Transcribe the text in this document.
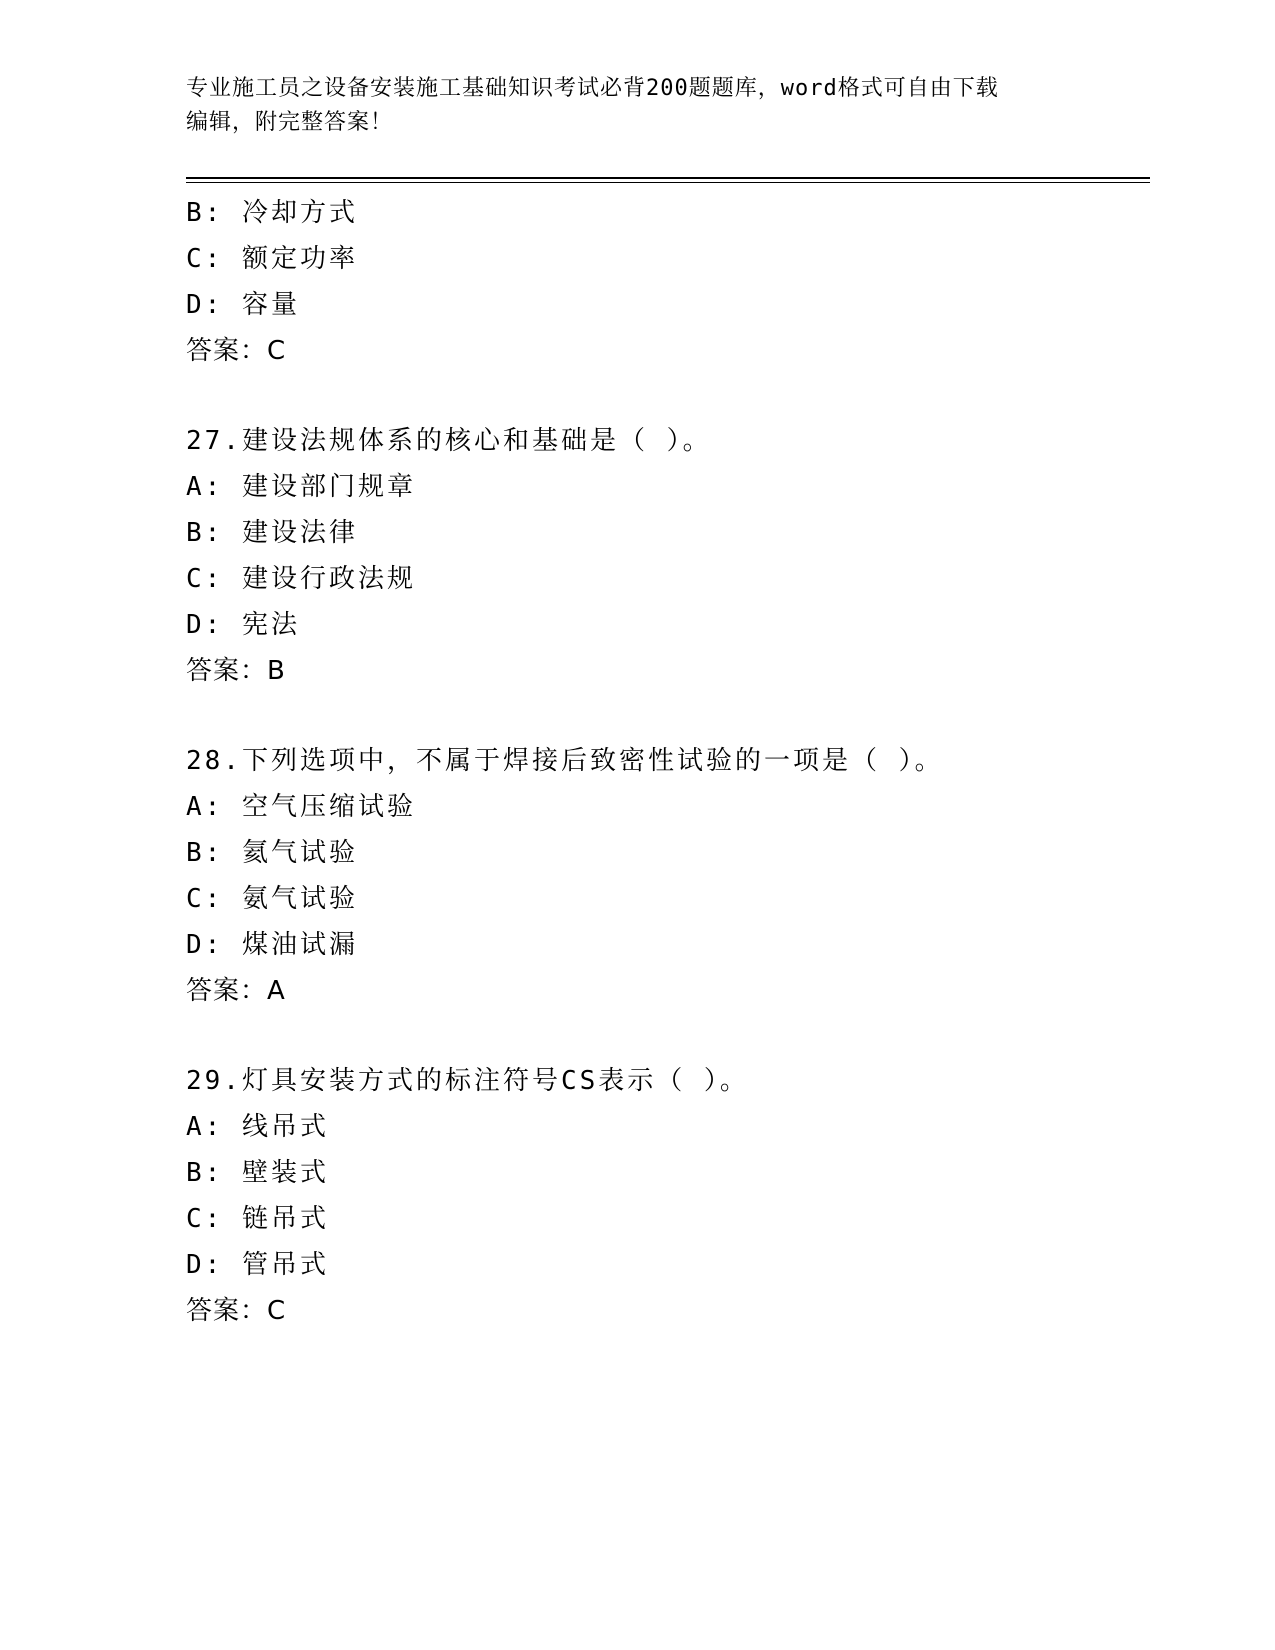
专业施工员之设备安装施工基础知识考试必背200题题库，word格式可自由下载
编辑，附完整答案！
B: 冷却方式
C: 额定功率
D: 容量
答案：C
27.建设法规体系的核心和基础是（ ）。
A: 建设部门规章
B: 建设法律
C: 建设行政法规
D: 宪法
答案：B
28.下列选项中，不属于焊接后致密性试验的一项是（ ）。
A: 空气压缩试验
B: 氦气试验
C: 氨气试验
D: 煤油试漏
答案：A
29.灯具安装方式的标注符号CS表示（ ）。
A: 线吊式
B: 壁装式
C: 链吊式
D: 管吊式
答案：C
